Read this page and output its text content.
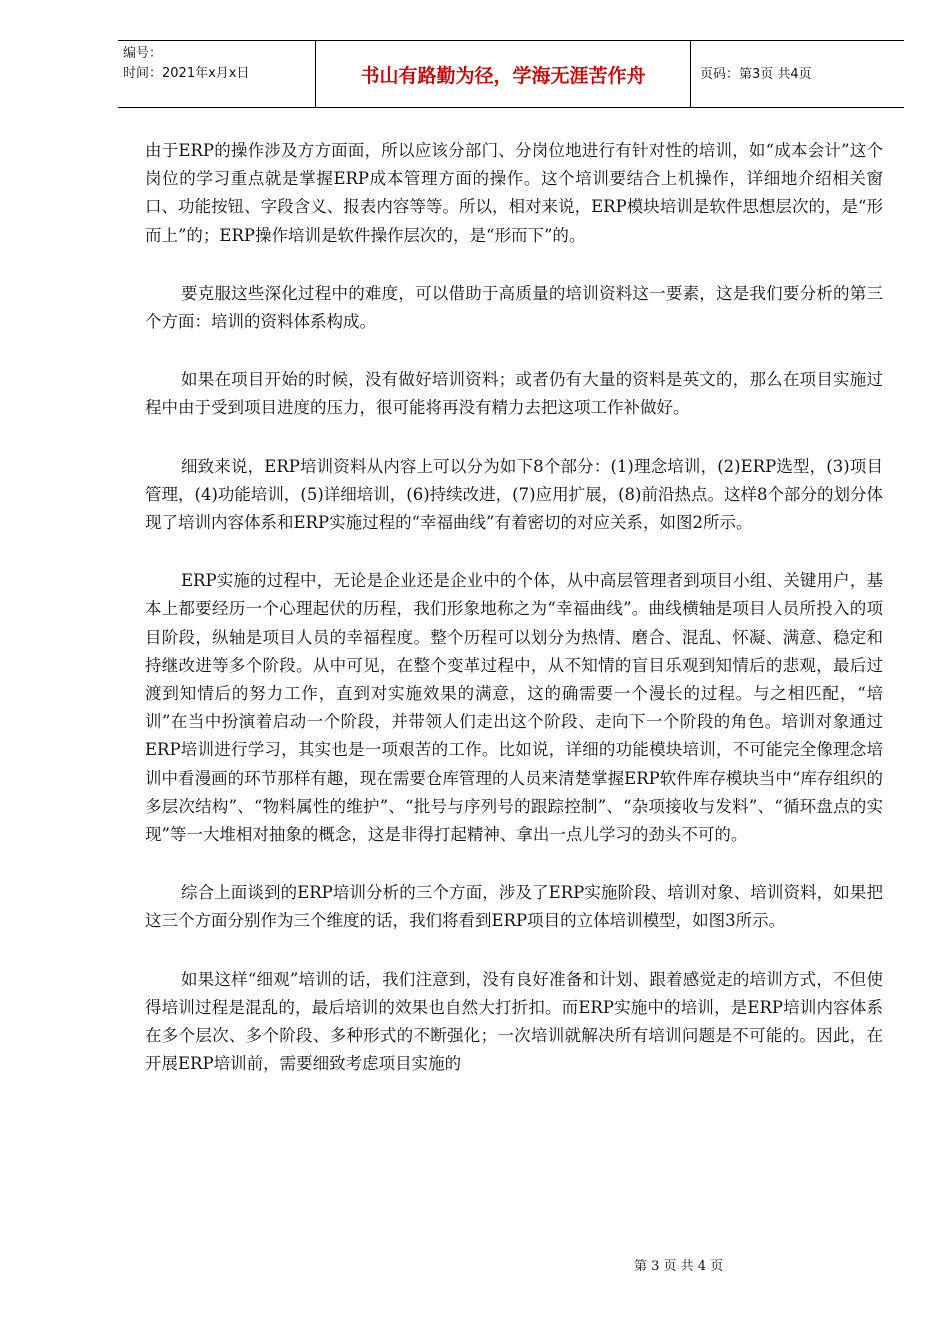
编号：
时间：2021年x月x日	书山有路勤为径，学海无涯苦作舟	页码：第3页 共4页

由于ERP的操作涉及方方面面，所以应该分部门、分岗位地进行有针对性的培训，如“成本会计”这个岗位的学习重点就是掌握ERP成本管理方面的操作。这个培训要结合上机操作，详细地介绍相关窗口、功能按钮、字段含义、报表内容等等。所以，相对来说，ERP模块培训是软件思想层次的，是“形而上”的；ERP操作培训是软件操作层次的，是“形而下”的。

要克服这些深化过程中的难度，可以借助于高质量的培训资料这一要素，这是我们要分析的第三个方面：培训的资料体系构成。

如果在项目开始的时候，没有做好培训资料；或者仍有大量的资料是英文的，那么在项目实施过程中由于受到项目进度的压力，很可能将再没有精力去把这项工作补做好。

细致来说，ERP培训资料从内容上可以分为如下8个部分：(1)理念培训，(2)ERP选型，(3)项目管理，(4)功能培训，(5)详细培训，(6)持续改进，(7)应用扩展，(8)前沿热点。这样8个部分的划分体现了培训内容体系和ERP实施过程的“幸福曲线”有着密切的对应关系，如图2所示。

ERP实施的过程中，无论是企业还是企业中的个体，从中高层管理者到项目小组、关键用户，基本上都要经历一个心理起伏的历程，我们形象地称之为“幸福曲线”。曲线横轴是项目人员所投入的项目阶段，纵轴是项目人员的幸福程度。整个历程可以划分为热情、磨合、混乱、怀凝、满意、稳定和持继改进等多个阶段。从中可见，在整个变革过程中，从不知情的盲目乐观到知情后的悲观，最后过渡到知情后的努力工作，直到对实施效果的满意，这的确需要一个漫长的过程。与之相匹配，“培训”在当中扮演着启动一个阶段，并带领人们走出这个阶段、走向下一个阶段的角色。培训对象通过ERP培训进行学习，其实也是一项艰苦的工作。比如说，详细的功能模块培训，不可能完全像理念培训中看漫画的环节那样有趣，现在需要仓库管理的人员来清楚掌握ERP软件库存模块当中“库存组织的多层次结构”、“物料属性的维护”、“批号与序列号的跟踪控制”、“杂项接收与发料”、“循环盘点的实现”等一大堆相对抽象的概念，这是非得打起精神、拿出一点儿学习的劲头不可的。

综合上面谈到的ERP培训分析的三个方面，涉及了ERP实施阶段、培训对象、培训资料，如果把这三个方面分别作为三个维度的话，我们将看到ERP项目的立体培训模型，如图3所示。

如果这样“细观”培训的话，我们注意到，没有良好准备和计划、跟着感觉走的培训方式，不但使得培训过程是混乱的，最后培训的效果也自然大打折扣。而ERP实施中的培训，是ERP培训内容体系在多个层次、多个阶段、多种形式的不断强化；一次培训就解决所有培训问题是不可能的。因此，在开展ERP培训前，需要细致考虑项目实施的

第 3 页 共 4 页
